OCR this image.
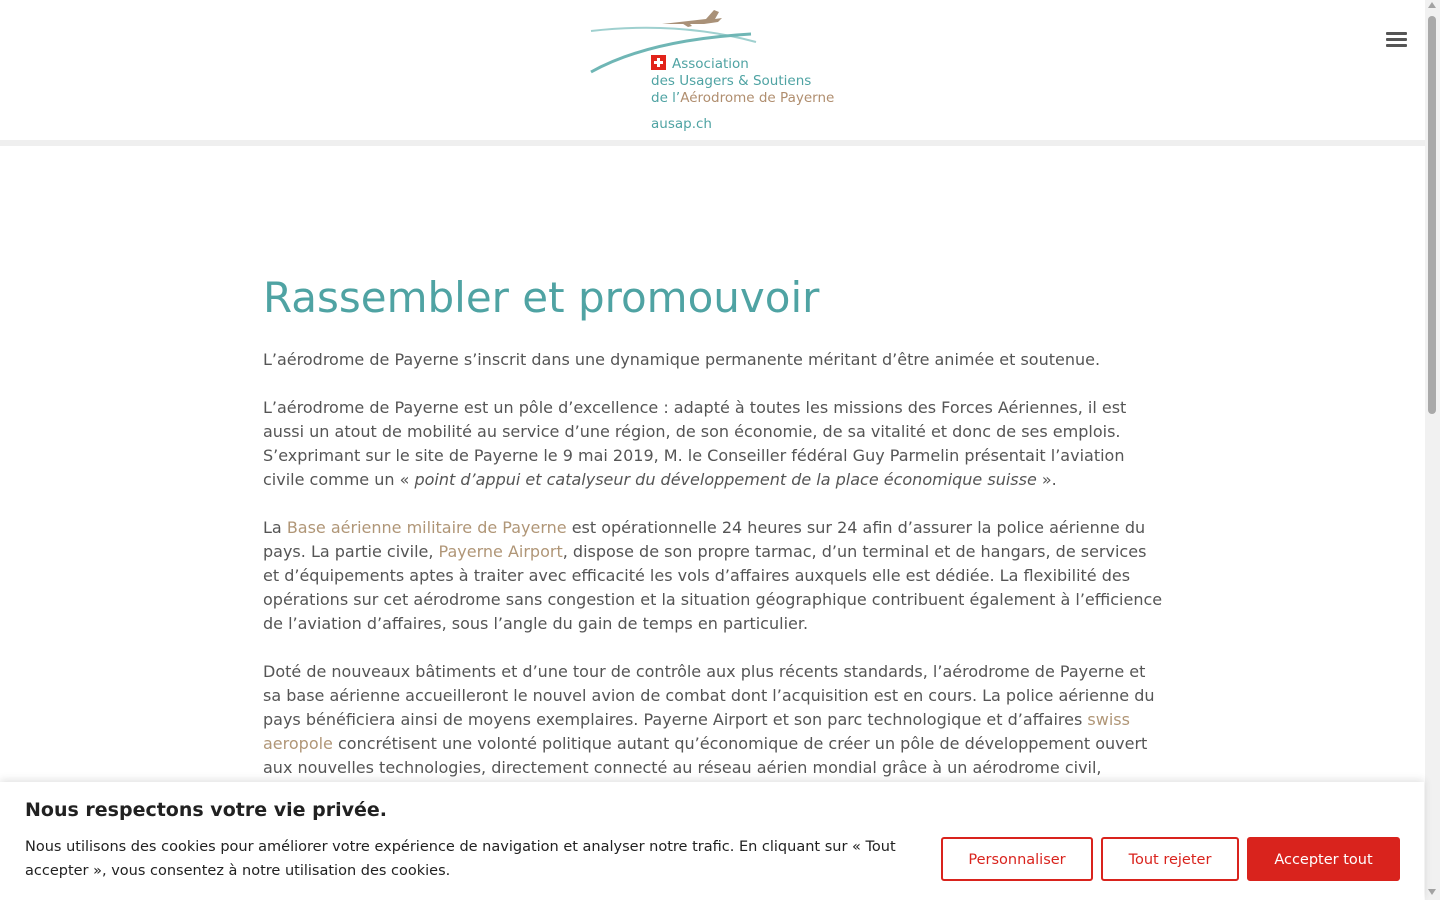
Association
des Usagers & Soutiens
de l’Aérodrome de Payerne
ausap.ch
Rassembler et promouvoir

L’aérodrome de Payerne s’inscrit dans une dynamique permanente méritant d’être animée et soutenue.

L’aérodrome de Payerne est un pôle d’excellence : adapté à toutes les missions des Forces Aériennes, il est aussi un atout de mobilité au service d’une région, de son économie, de sa vitalité et donc de ses emplois. S’exprimant sur le site de Payerne le 9 mai 2019, M. le Conseiller fédéral Guy Parmelin présentait l’aviation civile comme un « point d’appui et catalyseur du développement de la place économique suisse ».

La Base aérienne militaire de Payerne est opérationnelle 24 heures sur 24 afin d’assurer la police aérienne du pays. La partie civile, Payerne Airport, dispose de son propre tarmac, d’un terminal et de hangars, de services et d’équipements aptes à traiter avec efficacité les vols d’affaires auxquels elle est dédiée. La flexibilité des opérations sur cet aérodrome sans congestion et la situation géographique contribuent également à l’efficience de l’aviation d’affaires, sous l’angle du gain de temps en particulier.

Doté de nouveaux bâtiments et d’une tour de contrôle aux plus récents standards, l’aérodrome de Payerne et sa base aérienne accueilleront le nouvel avion de combat dont l’acquisition est en cours. La police aérienne du pays bénéficiera ainsi de moyens exemplaires. Payerne Airport et son parc technologique et d’affaires swiss aeropole concrétisent une volonté politique autant qu’économique de créer un pôle de développement ouvert aux nouvelles technologies, directement connecté au réseau aérien mondial grâce à un aérodrome civil,

Nous respectons votre vie privée.
Nous utilisons des cookies pour améliorer votre expérience de navigation et analyser notre trafic. En cliquant sur « Tout accepter », vous consentez à notre utilisation des cookies.
Personnaliser	Tout rejeter	Accepter tout
